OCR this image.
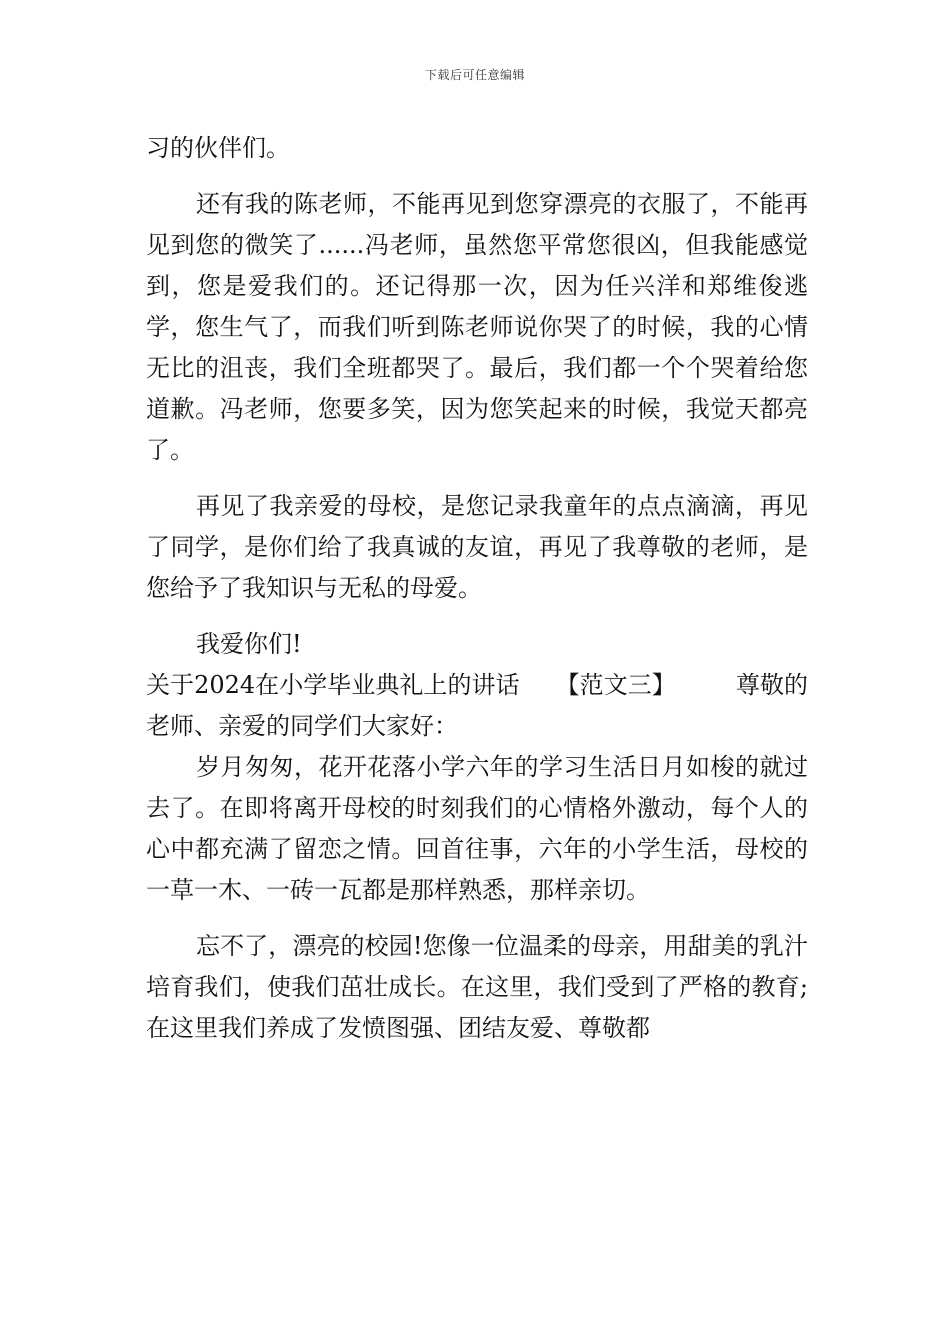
下载后可任意编辑

习的伙伴们。

还有我的陈老师，不能再见到您穿漂亮的衣服了，不能再见到您的微笑了......冯老师，虽然您平常您很凶，但我能感觉到，您是爱我们的。还记得那一次，因为任兴洋和郑维俊逃学，您生气了，而我们听到陈老师说你哭了的时候，我的心情无比的沮丧，我们全班都哭了。最后，我们都一个个哭着给您道歉。冯老师，您要多笑，因为您笑起来的时候，我觉天都亮了。

再见了我亲爱的母校，是您记录我童年的点点滴滴，再见了同学，是你们给了我真诚的友谊，再见了我尊敬的老师，是您给予了我知识与无私的母爱。

我爱你们!

关于2024在小学毕业典礼上的讲话　　【范文三】　　　尊敬的老师、亲爱的同学们大家好：

岁月匆匆，花开花落小学六年的学习生活日月如梭的就过去了。在即将离开母校的时刻我们的心情格外激动，每个人的心中都充满了留恋之情。回首往事，六年的小学生活，母校的一草一木、一砖一瓦都是那样熟悉，那样亲切。

忘不了，漂亮的校园!您像一位温柔的母亲，用甜美的乳汁培育我们，使我们茁壮成长。在这里，我们受到了严格的教育;在这里我们养成了发愤图强、团结友爱、尊敬都
